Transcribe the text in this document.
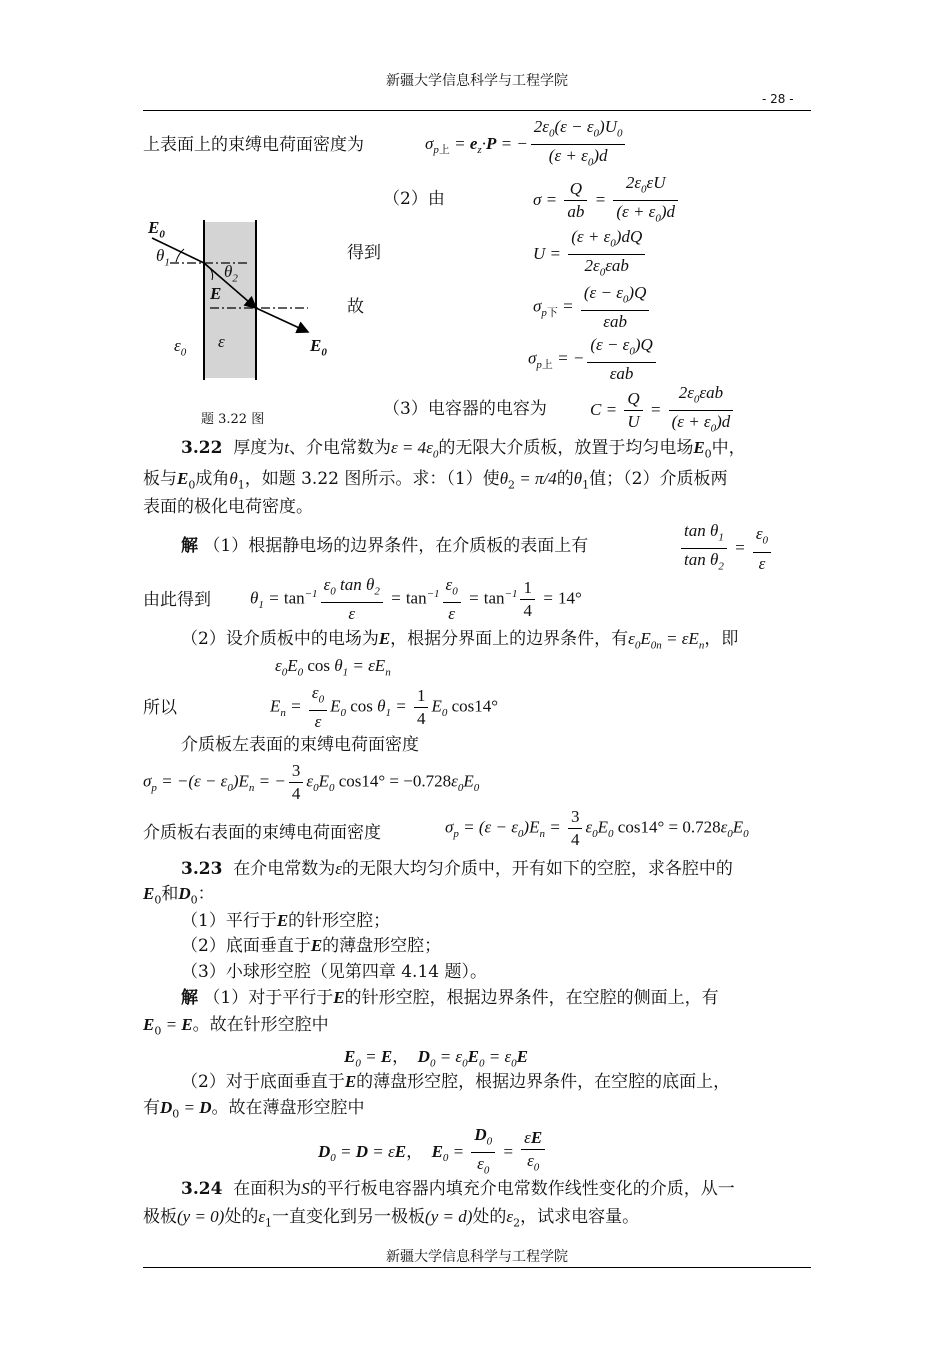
新疆大学信息科学与工程学院
- 28 -
上表面上的束缚电荷面密度为	$\sigma_{p上} = e_z\cdot P$ = − $\frac{2\varepsilon_0(\varepsilon - \varepsilon_0)U_0}{(\varepsilon + \varepsilon_0)d}$
（2）由	$\sigma = \frac{Q}{ab} = \frac{2\varepsilon_0\varepsilon U}{(\varepsilon + \varepsilon_0)d}$
得到	$U = \frac{(\varepsilon + \varepsilon_0)dQ}{2\varepsilon_0\varepsilon ab}$
故	$\sigma_{p下} = \frac{(\varepsilon - \varepsilon_0)Q}{\text{εab}}$
$\sigma_{p上}$ = − $\frac{(\varepsilon - \varepsilon_0)Q}{\text{εab}}$
（3）电容器的电容为	$C = \frac{Q}{U} = \frac{2\varepsilon_0\varepsilon ab}{(\varepsilon + \varepsilon_0)d}$
$E_0$
$\theta_1$	$\theta_2$
E
$\varepsilon_0$
ε	$E_0$
题 3.22 图
3.22 厚度为t、介电常数为$\varepsilon = 4\varepsilon_0$的无限大介质板，放置于均匀电场$E_0$中，
板与$E_0$成角$\theta_1$，如题 3.22 图所示。求：（1）使$\theta_2 = \pi/4$的$\theta_1$值；（2）介质板两
表面的极化电荷密度。
解 （1）根据静电场的边界条件，在介质板的表面上有	$\frac{\tan \theta_1}{\tan \theta_2} = \frac{\varepsilon_0}{\varepsilon}$
由此得到 $\theta_1 = \tan^{-1} \frac{\varepsilon_0 \tan \theta_2}{\varepsilon} = \tan^{-1} \frac{\varepsilon_0}{\varepsilon} = \tan^{-1} \frac{1}{4} = 14^\circ$
（2）设介质板中的电场为E，根据分界面上的边界条件，有$\varepsilon_0E_{0n} = \varepsilon E_n$，即
$\varepsilon_0E_0$ $\cos \theta_1 = \varepsilon E_n$
所以	$E_n = \frac{\varepsilon_0}{\varepsilon} E_0$ $\cos \theta_1 = \frac{1}{4} E_0$ cos14°
介质板左表面的束缚电荷面密度
$\sigma_p = -(\varepsilon - \varepsilon_0)E_n$ = − $\frac{3}{4} \varepsilon_0E_0$ $\cos 14^\circ = -0.728\varepsilon_0E_0$
介质板右表面的束缚电荷面密度	$\sigma_p = (\varepsilon - \varepsilon_0)E_n = \frac{3}{4} \varepsilon_0E_0$ $\cos 14^\circ = 0.728\varepsilon_0E_0$
3.23 在介电常数为ε的无限大均匀介质中，开有如下的空腔，求各腔中的
$E_0$和$D_0$：
（1）平行于E的针形空腔；
（2）底面垂直于E的薄盘形空腔；
（3）小球形空腔（见第四章 4.14 题）。
解 （1）对于平行于E的针形空腔，根据边界条件，在空腔的侧面上，有
$E_0 = E$。故在针形空腔中
$E_0 = E$， $D_0 = \varepsilon_0E_0 = \varepsilon_0E$
（2）对于底面垂直于E的薄盘形空腔，根据边界条件，在空腔的底面上，
有$D_0 = D$。故在薄盘形空腔中
$D_0 = D = \varepsilon E$， $E_0 = \frac{D_0}{\varepsilon_0} = \frac{\varepsilon E}{\varepsilon_0}$
3.24 在面积为S的平行板电容器内填充介电常数作线性变化的介质，从一
极板(y = 0)处的$\varepsilon_1$一直变化到另一极板(y = d)处的$\varepsilon_2$，试求电容量。
新疆大学信息科学与工程学院
